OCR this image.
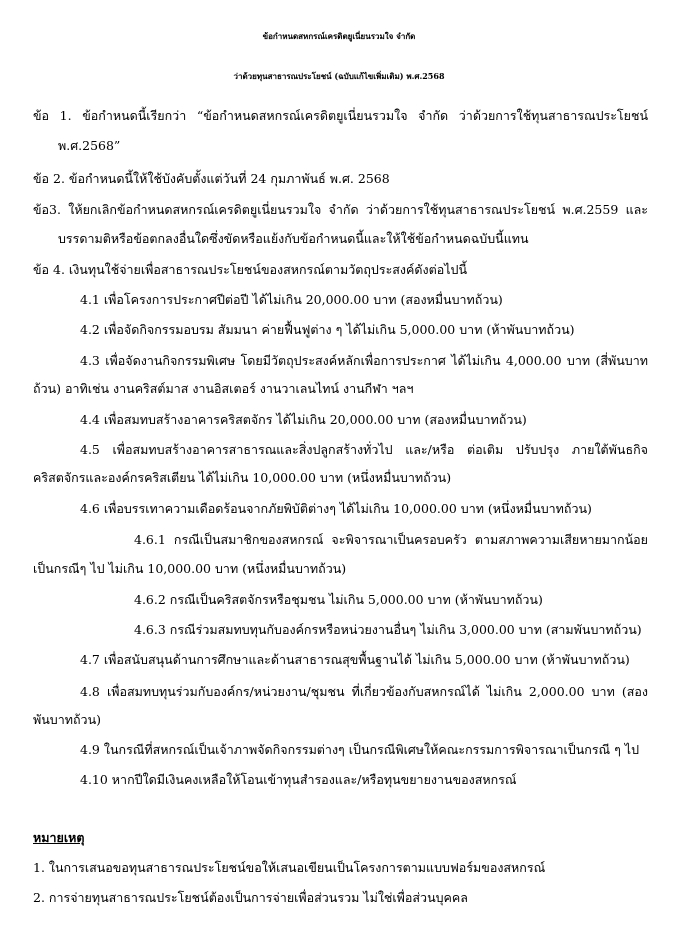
ข้อกำหนดสหกรณ์เครดิตยูเนี่ยนรวมใจ จำกัด
ว่าด้วยทุนสาธารณประโยชน์ (ฉบับแก้ไขเพิ่มเติม) พ.ศ.2568
ข้อ 1. ข้อกำหนดนี้เรียกว่า “ข้อกำหนดสหกรณ์เครดิตยูเนี่ยนรวมใจ จำกัด ว่าด้วยการใช้ทุนสาธารณประโยชน์
พ.ศ.2568”
ข้อ 2. ข้อกำหนดนี้ให้ใช้บังคับตั้งแต่วันที่ 24 กุมภาพันธ์ พ.ศ. 2568
ข้อ3. ให้ยกเลิกข้อกำหนดสหกรณ์เครดิตยูเนี่ยนรวมใจ จำกัด ว่าด้วยการใช้ทุนสาธารณประโยชน์ พ.ศ.2559 และ
บรรดามติหรือข้อตกลงอื่นใดซึ่งขัดหรือแย้งกับข้อกำหนดนี้และให้ใช้ข้อกำหนดฉบับนี้แทน
ข้อ 4. เงินทุนใช้จ่ายเพื่อสาธารณประโยชน์ของสหกรณ์ตามวัตถุประสงค์ดังต่อไปนี้
4.1 เพื่อโครงการประกาศปีต่อปี ได้ไม่เกิน 20,000.00 บาท (สองหมื่นบาทถ้วน)
4.2 เพื่อจัดกิจกรรมอบรม สัมมนา ค่ายฟื้นฟูต่าง ๆ ได้ไม่เกิน 5,000.00 บาท (ห้าพันบาทถ้วน)
4.3 เพื่อจัดงานกิจกรรมพิเศษ โดยมีวัตถุประสงค์หลักเพื่อการประกาศ ได้ไม่เกิน 4,000.00 บาท (สี่พันบาท
ถ้วน) อาทิเช่น งานคริสต์มาส งานอิสเตอร์ งานวาเลนไทน์ งานกีฬา ฯลฯ
4.4 เพื่อสมทบสร้างอาคารคริสตจักร ได้ไม่เกิน 20,000.00 บาท (สองหมื่นบาทถ้วน)
4.5 เพื่อสมทบสร้างอาคารสาธารณและสิ่งปลูกสร้างทั่วไป และ/หรือ ต่อเติม ปรับปรุง ภายใต้พันธกิจ
คริสตจักรและองค์กรคริสเตียน ได้ไม่เกิน 10,000.00 บาท (หนึ่งหมื่นบาทถ้วน)
4.6 เพื่อบรรเทาความเดือดร้อนจากภัยพิบัติต่างๆ ได้ไม่เกิน 10,000.00 บาท (หนึ่งหมื่นบาทถ้วน)
4.6.1 กรณีเป็นสมาชิกของสหกรณ์ จะพิจารณาเป็นครอบครัว ตามสภาพความเสียหายมากน้อย
เป็นกรณีๆ ไป ไม่เกิน 10,000.00 บาท (หนึ่งหมื่นบาทถ้วน)
4.6.2 กรณีเป็นคริสตจักรหรือชุมชน ไม่เกิน 5,000.00 บาท (ห้าพันบาทถ้วน)
4.6.3 กรณีร่วมสมทบทุนกับองค์กรหรือหน่วยงานอื่นๆ ไม่เกิน 3,000.00 บาท (สามพันบาทถ้วน)
4.7 เพื่อสนับสนุนด้านการศึกษาและด้านสาธารณสุขพื้นฐานได้ ไม่เกิน 5,000.00 บาท (ห้าพันบาทถ้วน)
4.8 เพื่อสมทบทุนร่วมกับองค์กร/หน่วยงาน/ชุมชน ที่เกี่ยวข้องกับสหกรณ์ได้ ไม่เกิน 2,000.00 บาท (สอง
พันบาทถ้วน)
4.9 ในกรณีที่สหกรณ์เป็นเจ้าภาพจัดกิจกรรมต่างๆ เป็นกรณีพิเศษให้คณะกรรมการพิจารณาเป็นกรณี ๆ ไป
4.10 หากปีใดมีเงินคงเหลือให้โอนเข้าทุนสำรองและ/หรือทุนขยายงานของสหกรณ์
หมายเหตุ
1. ในการเสนอขอทุนสาธารณประโยชน์ขอให้เสนอเขียนเป็นโครงการตามแบบฟอร์มของสหกรณ์
2. การจ่ายทุนสาธารณประโยชน์ต้องเป็นการจ่ายเพื่อส่วนรวม ไม่ใช่เพื่อส่วนบุคคล
